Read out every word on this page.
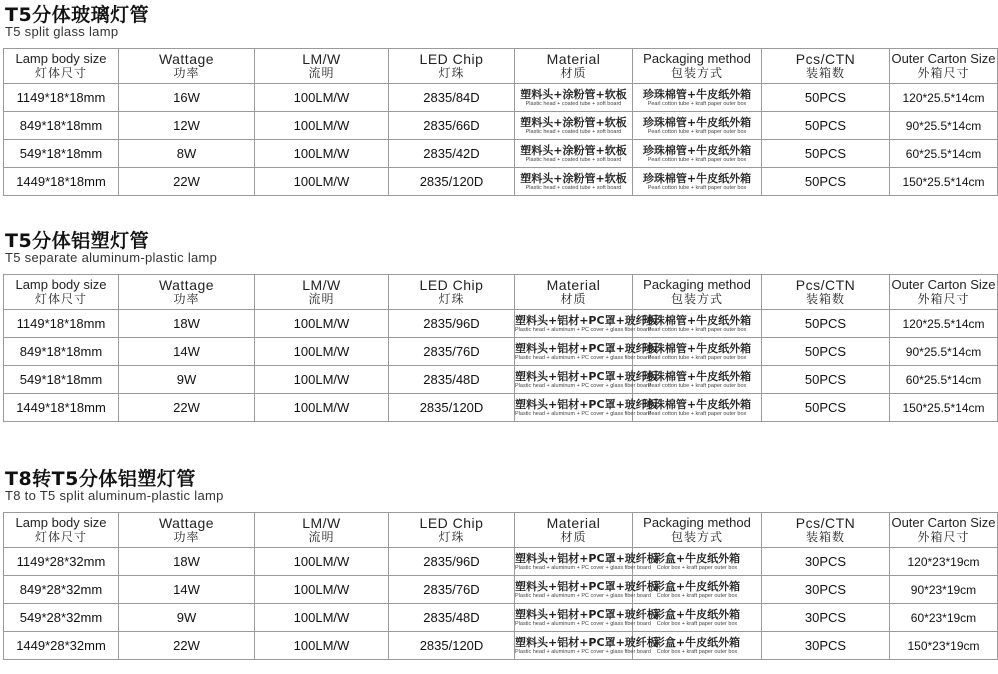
T5分体玻璃灯管
T5 split glass lamp
Lamp body size
灯体尺寸	Wattage
功率	LM/W
流明	LED Chip
灯珠	Material
材质	Packaging method
包装方式	Pcs/CTN
装箱数	Outer Carton Size
外箱尺寸

1149*18*18mm	16W	100LM/W	2835/84D	塑料头+涂粉管+软板
Plastic head + coated tube + soft board	珍珠棉管+牛皮纸外箱
Pearl cotton tube + kraft paper outer box	50PCS	120*25.5*14cm
849*18*18mm	12W	100LM/W	2835/66D	塑料头+涂粉管+软板
Plastic head + coated tube + soft board	珍珠棉管+牛皮纸外箱
Pearl cotton tube + kraft paper outer box	50PCS	90*25.5*14cm
549*18*18mm	8W	100LM/W	2835/42D	塑料头+涂粉管+软板
Plastic head + coated tube + soft board	珍珠棉管+牛皮纸外箱
Pearl cotton tube + kraft paper outer box	50PCS	60*25.5*14cm
1449*18*18mm	22W	100LM/W	2835/120D	塑料头+涂粉管+软板
Plastic head + coated tube + soft board	珍珠棉管+牛皮纸外箱
Pearl cotton tube + kraft paper outer box	50PCS	150*25.5*14cm
T5分体铝塑灯管
T5 separate aluminum-plastic lamp
Lamp body size
灯体尺寸	Wattage
功率	LM/W
流明	LED Chip
灯珠	Material
材质	Packaging method
包装方式	Pcs/CTN
装箱数	Outer Carton Size
外箱尺寸

1149*18*18mm	18W	100LM/W	2835/96D	塑料头+铝材+PC罩+玻纤板
Plastic head + aluminum + PC cover + glass fiber board	珍珠棉管+牛皮纸外箱
Pearl cotton tube + kraft paper outer box	50PCS	120*25.5*14cm
849*18*18mm	14W	100LM/W	2835/76D	塑料头+铝材+PC罩+玻纤板
Plastic head + aluminum + PC cover + glass fiber board	珍珠棉管+牛皮纸外箱
Pearl cotton tube + kraft paper outer box	50PCS	90*25.5*14cm
549*18*18mm	9W	100LM/W	2835/48D	塑料头+铝材+PC罩+玻纤板
Plastic head + aluminum + PC cover + glass fiber board	珍珠棉管+牛皮纸外箱
Pearl cotton tube + kraft paper outer box	50PCS	60*25.5*14cm
1449*18*18mm	22W	100LM/W	2835/120D	塑料头+铝材+PC罩+玻纤板
Plastic head + aluminum + PC cover + glass fiber board	珍珠棉管+牛皮纸外箱
Pearl cotton tube + kraft paper outer box	50PCS	150*25.5*14cm
T8转T5分体铝塑灯管
T8 to T5 split aluminum-plastic lamp
Lamp body size
灯体尺寸	Wattage
功率	LM/W
流明	LED Chip
灯珠	Material
材质	Packaging method
包装方式	Pcs/CTN
装箱数	Outer Carton Size
外箱尺寸

1149*28*32mm	18W	100LM/W	2835/96D	塑料头+铝材+PC罩+玻纤板
Plastic head + aluminum + PC cover + glass fiber board	彩盒+牛皮纸外箱
Color box + kraft paper outer box	30PCS	120*23*19cm
849*28*32mm	14W	100LM/W	2835/76D	塑料头+铝材+PC罩+玻纤板
Plastic head + aluminum + PC cover + glass fiber board	彩盒+牛皮纸外箱
Color box + kraft paper outer box	30PCS	90*23*19cm
549*28*32mm	9W	100LM/W	2835/48D	塑料头+铝材+PC罩+玻纤板
Plastic head + aluminum + PC cover + glass fiber board	彩盒+牛皮纸外箱
Color box + kraft paper outer box	30PCS	60*23*19cm
1449*28*32mm	22W	100LM/W	2835/120D	塑料头+铝材+PC罩+玻纤板
Plastic head + aluminum + PC cover + glass fiber board	彩盒+牛皮纸外箱
Color box + kraft paper outer box	30PCS	150*23*19cm
